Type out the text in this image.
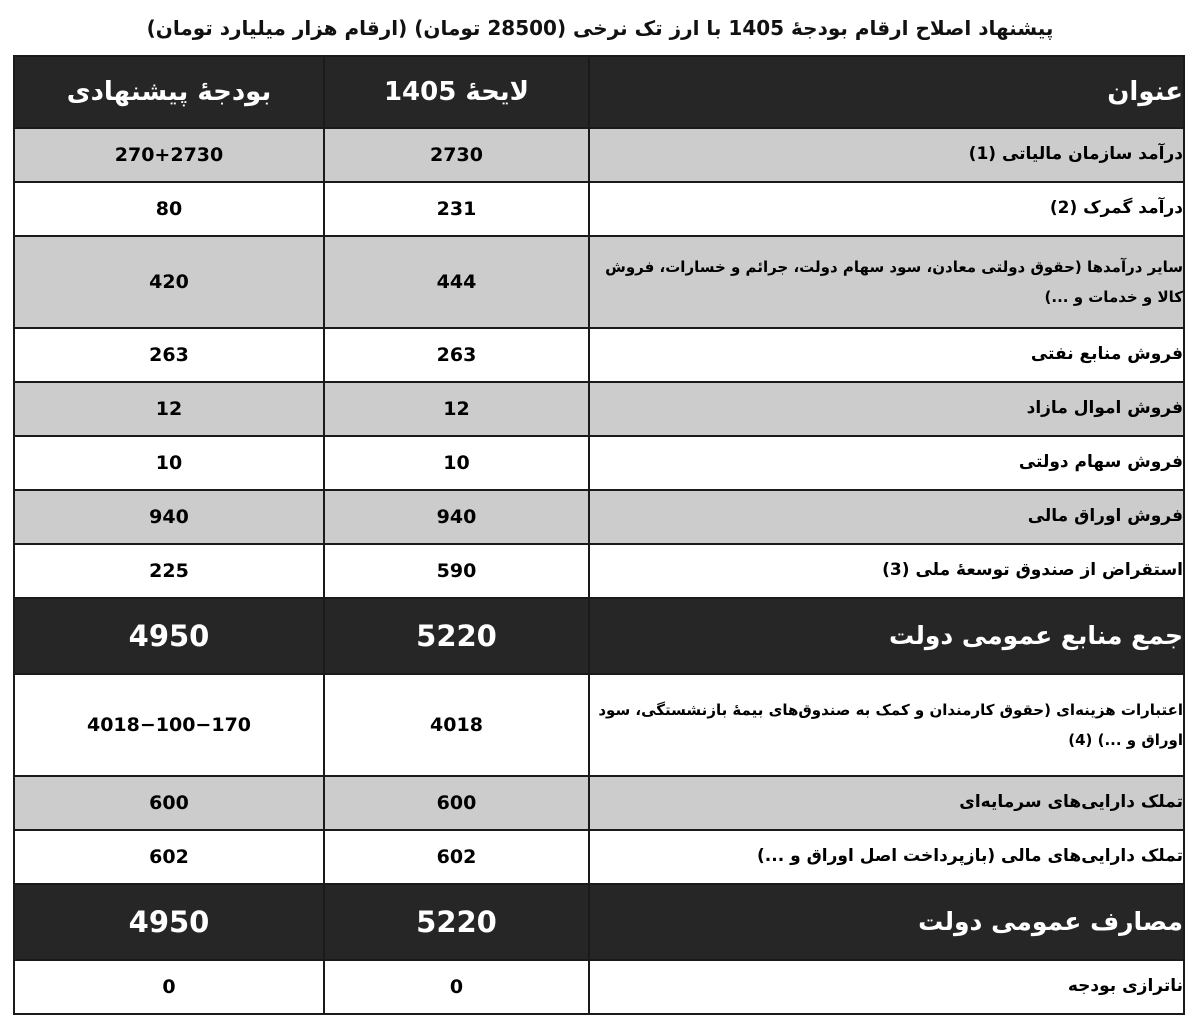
پیشنهاد اصلاح ارقام بودجهٔ 1405 با ارز تک نرخی (28500 تومان) (ارقام هزار میلیارد تومان)
عنوان	لایحهٔ 1405	بودجهٔ پیشنهادی
درآمد سازمان مالیاتی (1)	2730	270+2730
درآمد گمرک (2)	231	80
سایر درآمدها (حقوق دولتی معادن، سود سهام دولت، جرائم و خسارات، فروش کالا و خدمات و ...)	444	420
فروش منابع نفتی	263	263
فروش اموال مازاد	12	12
فروش سهام دولتی	10	10
فروش اوراق مالی	940	940
استقراض از صندوق توسعهٔ ملی (3)	590	225
جمع منابع عمومی دولت	5220	4950
اعتبارات هزینه‌ای (حقوق کارمندان و کمک به صندوق‌های بیمهٔ بازنشستگی، سود اوراق و ...) (4)	4018	4018−100−170
تملک دارایی‌های سرمایه‌ای	600	600
تملک دارایی‌های مالی (بازپرداخت اصل اوراق و ...)	602	602
مصارف عمومی دولت	5220	4950
ناترازی بودجه	0	0
